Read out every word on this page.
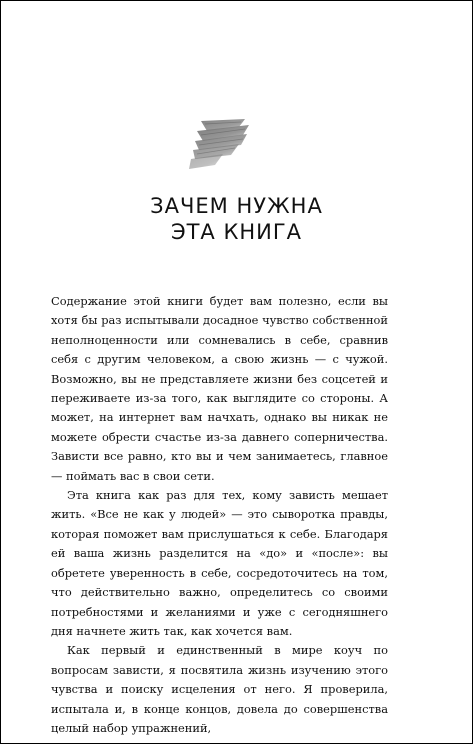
ЗАЧЕМ НУЖНА
ЭТА КНИГА

Содержание этой книги будет вам полезно, если вы хотя бы раз испытывали досадное чувство собственной неполноценности или сомневались в себе, сравнив себя с другим человеком, а свою жизнь — с чужой. Возможно, вы не представляете жизни без соцсетей и переживаете из-за того, как выглядите со стороны. А может, на интернет вам начхать, однако вы никак не можете обрести счастье из-за давнего соперничества. Зависти все равно, кто вы и чем занимаетесь, главное — поймать вас в свои сети.

Эта книга как раз для тех, кому зависть мешает жить. «Все не как у людей» — это сыворотка правды, которая поможет вам прислушаться к себе. Благодаря ей ваша жизнь разделится на «до» и «после»: вы обретете уверенность в себе, сосредоточитесь на том, что действительно важно, определитесь со своими потребностями и желаниями и уже с сегодняшнего дня начнете жить так, как хочется вам.

Как первый и единственный в мире коуч по вопросам зависти, я посвятила жизнь изучению этого чувства и поиску исцеления от него. Я проверила, испытала и, в конце концов, довела до совершенства целый набор упражнений,
